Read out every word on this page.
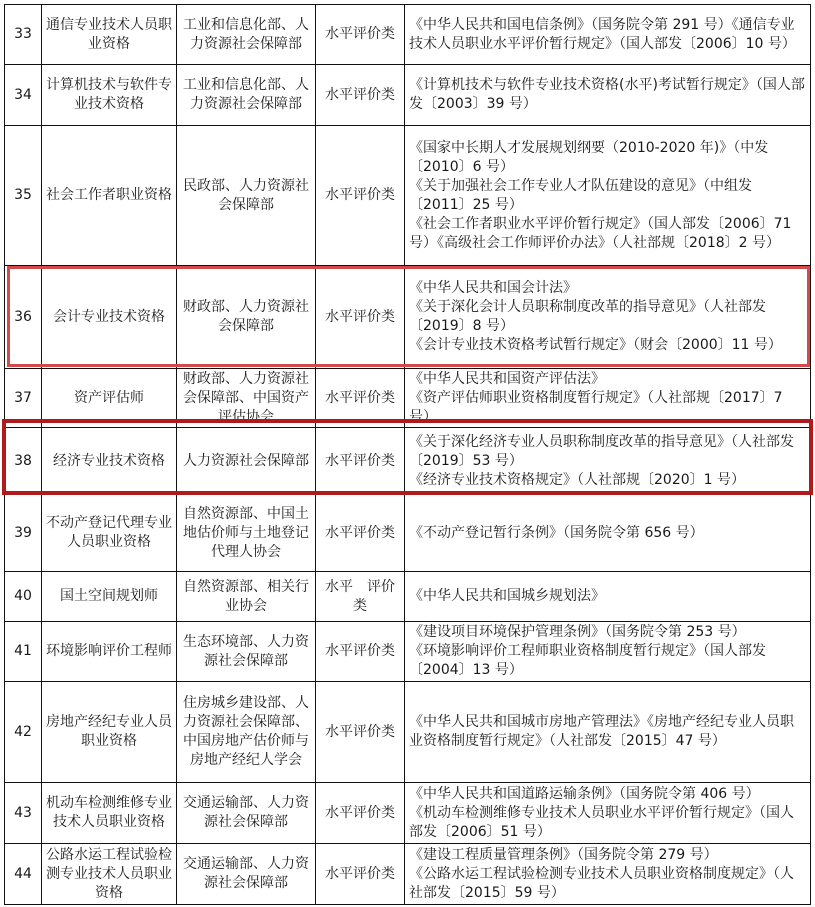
33	通信专业技术人员职业资格	工业和信息化部、人力资源社会保障部	水平评价类	《中华人民共和国电信条例》（国务院令第 291 号）《通信专业技术人员职业水平评价暂行规定》（国人部发〔2006〕10 号）

34	计算机技术与软件专业技术资格	工业和信息化部、人力资源社会保障部	水平评价类	《计算机技术与软件专业技术资格(水平)考试暂行规定》（国人部发〔2003〕39 号）

35	社会工作者职业资格	民政部、人力资源社会保障部	水平评价类	《国家中长期人才发展规划纲要（2010-2020 年)》（中发〔2010〕6 号）
《关于加强社会工作专业人才队伍建设的意见》（中组发〔2011〕25 号）
《社会工作者职业水平评价暂行规定》（国人部发〔2006〕71 号）《高级社会工作师评价办法》（人社部规〔2018〕2 号）

36	会计专业技术资格	财政部、人力资源社会保障部	水平评价类	《中华人民共和国会计法》
《关于深化会计人员职称制度改革的指导意见》（人社部发〔2019〕8 号）
《会计专业技术资格考试暂行规定》（财会〔2000〕11 号）

37	资产评估师	财政部、人力资源社会保障部、中国资产评估协会	水平评价类	《中华人民共和国资产评估法》
《资产评估师职业资格制度暂行规定》（人社部规〔2017〕7 号）

38	经济专业技术资格	人力资源社会保障部	水平评价类	《关于深化经济专业人员职称制度改革的指导意见》（人社部发〔2019〕53 号）
《经济专业技术资格规定》（人社部规〔2020〕1 号）

39	不动产登记代理专业人员职业资格	自然资源部、中国土地估价师与土地登记代理人协会	水平评价类	《不动产登记暂行条例》（国务院令第 656 号）

40	国土空间规划师	自然资源部、相关行业协会	水平　评价类	《中华人民共和国城乡规划法》

41	环境影响评价工程师	生态环境部、人力资源社会保障部	水平评价类	《建设项目环境保护管理条例》（国务院令第 253 号）
《环境影响评价工程师职业资格制度暂行规定》（国人部发〔2004〕13 号）

42	房地产经纪专业人员职业资格	住房城乡建设部、人力资源社会保障部、中国房地产估价师与房地产经纪人学会	水平评价类	《中华人民共和国城市房地产管理法》《房地产经纪专业人员职业资格制度暂行规定》（人社部发〔2015〕47 号）

43	机动车检测维修专业技术人员职业资格	交通运输部、人力资源社会保障部	水平评价类	《中华人民共和国道路运输条例》（国务院令第 406 号）
《机动车检测维修专业技术人员职业水平评价暂行规定》（国人部发〔2006〕51 号）

44	公路水运工程试验检测专业技术人员职业资格	交通运输部、人力资源社会保障部	水平评价类	《建设工程质量管理条例》（国务院令第 279 号）
《公路水运工程试验检测专业技术人员职业资格制度规定》（人社部发〔2015〕59 号）
